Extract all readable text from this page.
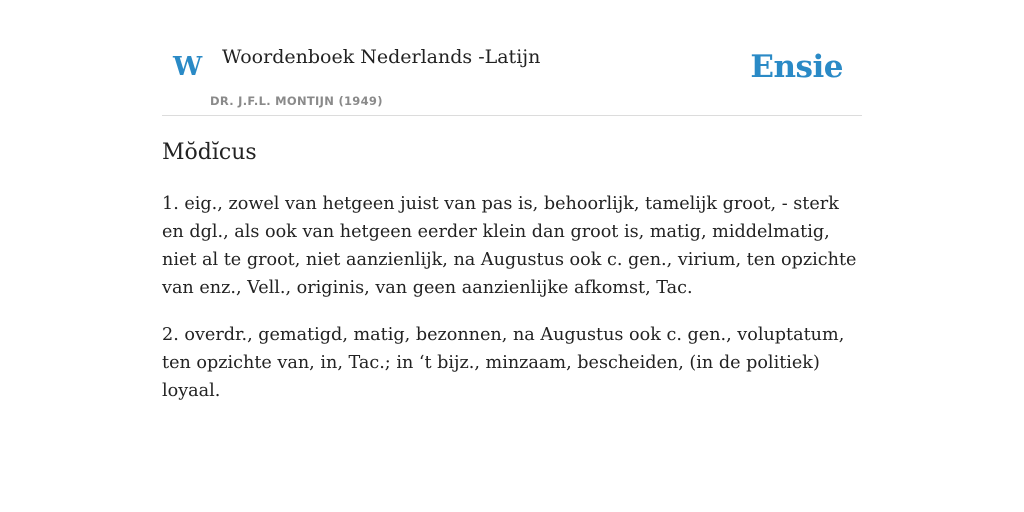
W Woordenboek Nederlands -Latijn
DR. J.F.L. MONTIJN (1949)
Ensie
Mŏdĭcus

1. eig., zowel van hetgeen juist van pas is, behoorlijk, tamelijk groot, - sterk en dgl., als ook van hetgeen eerder klein dan groot is, matig, middelmatig, niet al te groot, niet aanzienlijk, na Augustus ook c. gen., virium, ten opzichte van enz., Vell., originis, van geen aanzienlijke afkomst, Tac.

2. overdr., gematigd, matig, bezonnen, na Augustus ook c. gen., voluptatum, ten opzichte van, in, Tac.; in ‘t bijz., minzaam, bescheiden, (in de politiek) loyaal.
